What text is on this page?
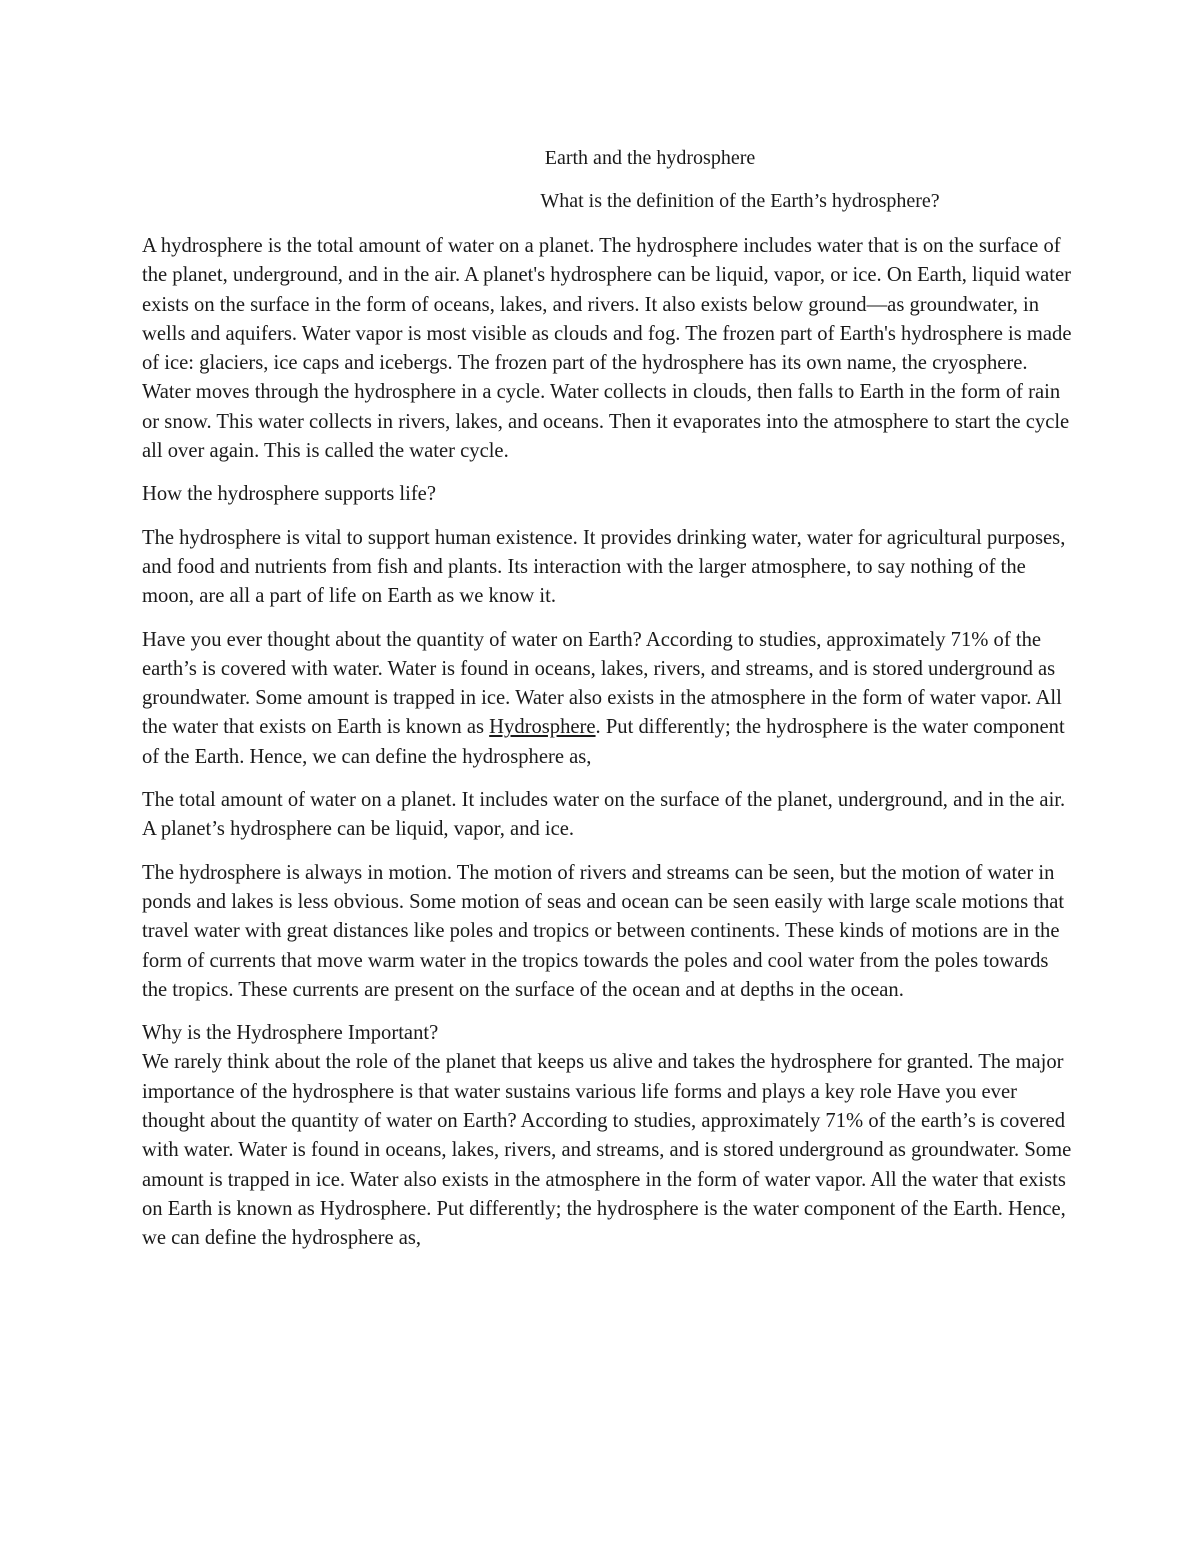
Earth and the hydrosphere
What is the definition of the Earth’s hydrosphere?

A hydrosphere is the total amount of water on a planet. The hydrosphere includes water that is on the surface of the planet, underground, and in the air. A planet's hydrosphere can be liquid, vapor, or ice. On Earth, liquid water exists on the surface in the form of oceans, lakes, and rivers. It also exists below ground—as groundwater, in wells and aquifers. Water vapor is most visible as clouds and fog. The frozen part of Earth's hydrosphere is made of ice: glaciers, ice caps and icebergs. The frozen part of the hydrosphere has its own name, the cryosphere. Water moves through the hydrosphere in a cycle. Water collects in clouds, then falls to Earth in the form of rain or snow. This water collects in rivers, lakes, and oceans. Then it evaporates into the atmosphere to start the cycle all over again. This is called the water cycle.

How the hydrosphere supports life?

The hydrosphere is vital to support human existence. It provides drinking water, water for agricultural purposes, and food and nutrients from fish and plants. Its interaction with the larger atmosphere, to say nothing of the moon, are all a part of life on Earth as we know it.

Have you ever thought about the quantity of water on Earth? According to studies, approximately 71% of the earth’s is covered with water. Water is found in oceans, lakes, rivers, and streams, and is stored underground as groundwater. Some amount is trapped in ice. Water also exists in the atmosphere in the form of water vapor. All the water that exists on Earth is known as Hydrosphere. Put differently; the hydrosphere is the water component of the Earth. Hence, we can define the hydrosphere as,

The total amount of water on a planet. It includes water on the surface of the planet, underground, and in the air. A planet’s hydrosphere can be liquid, vapor, and ice.

The hydrosphere is always in motion. The motion of rivers and streams can be seen, but the motion of water in ponds and lakes is less obvious. Some motion of seas and ocean can be seen easily with large scale motions that travel water with great distances like poles and tropics or between continents. These kinds of motions are in the form of currents that move warm water in the tropics towards the poles and cool water from the poles towards the tropics. These currents are present on the surface of the ocean and at depths in the ocean.

Why is the Hydrosphere Important?

We rarely think about the role of the planet that keeps us alive and takes the hydrosphere for granted. The major importance of the hydrosphere is that water sustains various life forms and plays a key role Have you ever thought about the quantity of water on Earth? According to studies, approximately 71% of the earth’s is covered with water. Water is found in oceans, lakes, rivers, and streams, and is stored underground as groundwater. Some amount is trapped in ice. Water also exists in the atmosphere in the form of water vapor. All the water that exists on Earth is known as Hydrosphere. Put differently; the hydrosphere is the water component of the Earth. Hence, we can define the hydrosphere as,
